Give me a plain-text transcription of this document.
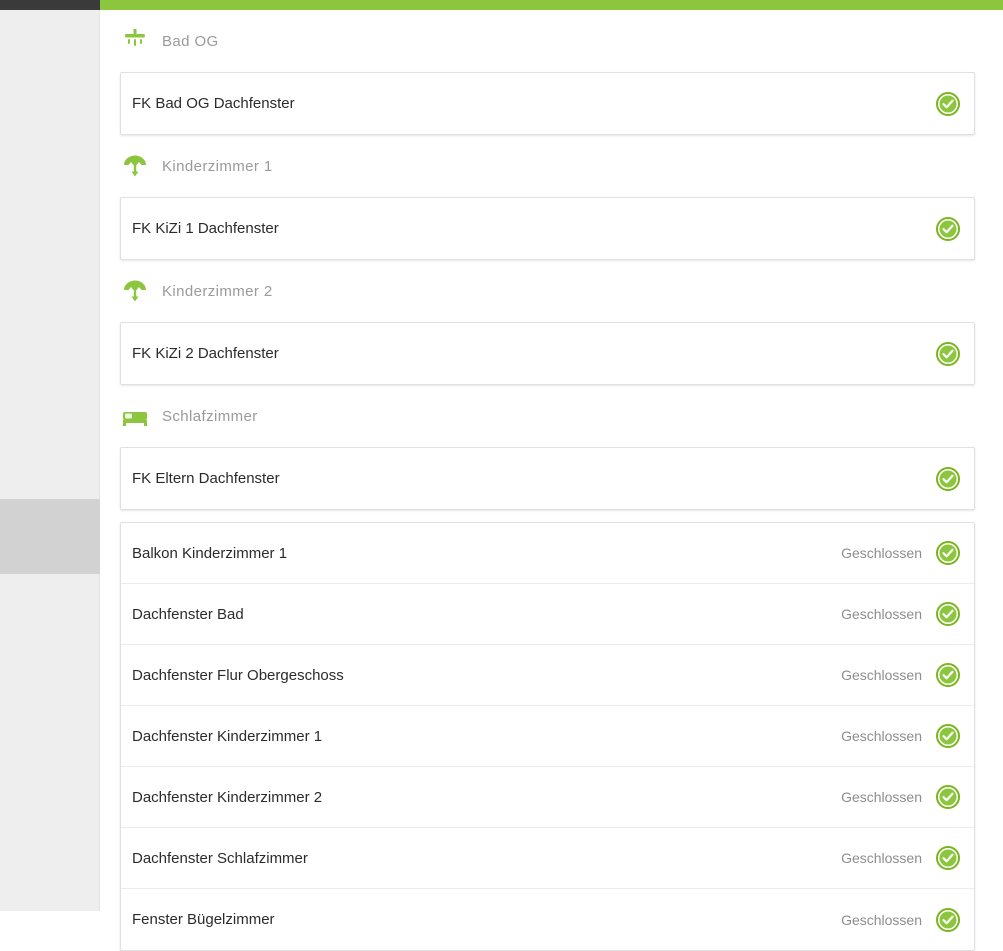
Bad OG
FK Bad OG Dachfenster
Kinderzimmer 1
FK KiZi 1 Dachfenster
Kinderzimmer 2
FK KiZi 2 Dachfenster
Schlafzimmer
FK Eltern Dachfenster
Balkon Kinderzimmer 1	Geschlossen
Dachfenster Bad	Geschlossen
Dachfenster Flur Obergeschoss	Geschlossen
Dachfenster Kinderzimmer 1	Geschlossen
Dachfenster Kinderzimmer 2	Geschlossen
Dachfenster Schlafzimmer	Geschlossen
Fenster Bügelzimmer	Geschlossen
